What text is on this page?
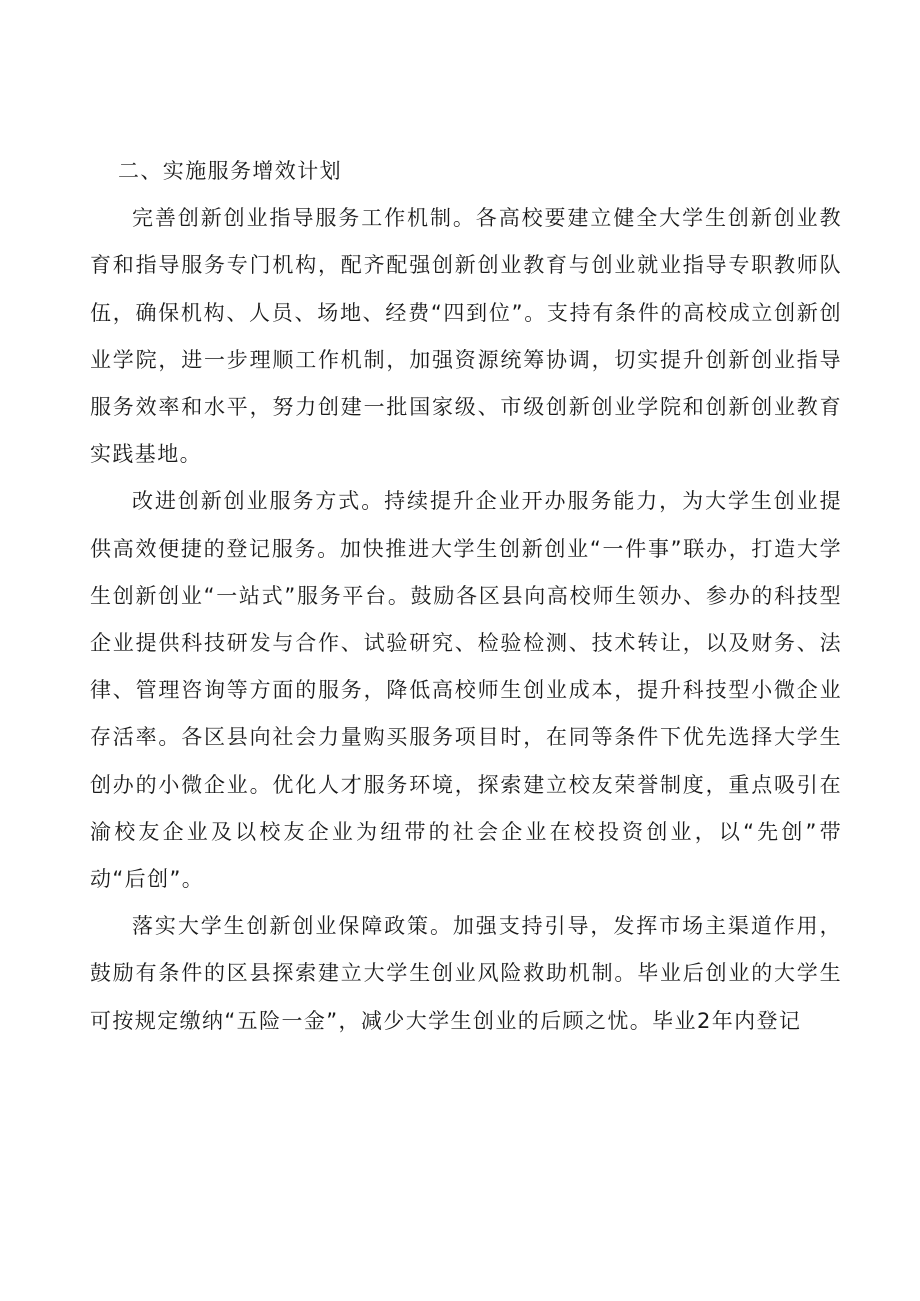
二、实施服务增效计划

完善创新创业指导服务工作机制。各高校要建立健全大学生创新创业教育和指导服务专门机构，配齐配强创新创业教育与创业就业指导专职教师队伍，确保机构、人员、场地、经费“四到位”。支持有条件的高校成立创新创业学院，进一步理顺工作机制，加强资源统筹协调，切实提升创新创业指导服务效率和水平，努力创建一批国家级、市级创新创业学院和创新创业教育实践基地。

改进创新创业服务方式。持续提升企业开办服务能力，为大学生创业提供高效便捷的登记服务。加快推进大学生创新创业“一件事”联办，打造大学生创新创业“一站式”服务平台。鼓励各区县向高校师生领办、参办的科技型企业提供科技研发与合作、试验研究、检验检测、技术转让，以及财务、法律、管理咨询等方面的服务，降低高校师生创业成本，提升科技型小微企业存活率。各区县向社会力量购买服务项目时，在同等条件下优先选择大学生创办的小微企业。优化人才服务环境，探索建立校友荣誉制度，重点吸引在渝校友企业及以校友企业为纽带的社会企业在校投资创业，以“先创”带动“后创”。

落实大学生创新创业保障政策。加强支持引导，发挥市场主渠道作用，鼓励有条件的区县探索建立大学生创业风险救助机制。毕业后创业的大学生可按规定缴纳“五险一金”，减少大学生创业的后顾之忧。毕业2年内登记
